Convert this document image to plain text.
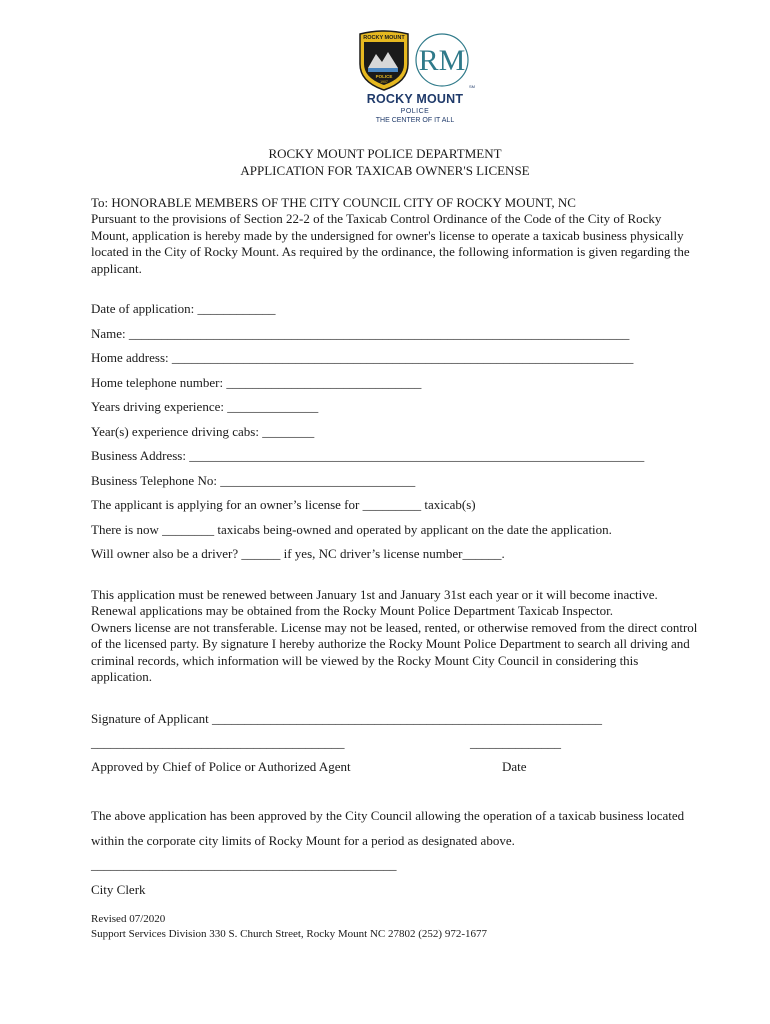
ROCKY MOUNT
POLICE
1907
RM
SM
ROCKY MOUNT
POLICE
THE CENTER OF IT ALL
ROCKY MOUNT POLICE DEPARTMENT
APPLICATION FOR TAXICAB OWNER'S LICENSE
To: HONORABLE MEMBERS OF THE CITY COUNCIL CITY OF ROCKY MOUNT, NC
Pursuant to the provisions of Section 22-2 of the Taxicab Control Ordinance of the Code of the City of Rocky
Mount, application is hereby made by the undersigned for owner's license to operate a taxicab business physically
located in the City of Rocky Mount. As required by the ordinance, the following information is given regarding the
applicant.
Date of application: ____________
Name: _____________________________________________________________________________
Home address: _______________________________________________________________________
Home telephone number: ______________________________
Years driving experience: ______________
Year(s) experience driving cabs: ________
Business Address: ______________________________________________________________________
Business Telephone No: ______________________________
The applicant is applying for an owner’s license for _________ taxicab(s)
There is now ________ taxicabs being-owned and operated by applicant on the date the application.
Will owner also be a driver? ______ if yes, NC driver’s license number______.
This application must be renewed between January 1st and January 31st each year or it will become inactive.
Renewal applications may be obtained from the Rocky Mount Police Department Taxicab Inspector.
Owners license are not transferable. License may not be leased, rented, or otherwise removed from the direct control
of the licensed party. By signature I hereby authorize the Rocky Mount Police Department to search all driving and
criminal records, which information will be viewed by the Rocky Mount City Council in considering this
application.
Signature of Applicant ____________________________________________________________
_______________________________________	______________
Approved by Chief of Police or Authorized Agent	Date
The above application has been approved by the City Council allowing the operation of a taxicab business located
within the corporate city limits of Rocky Mount for a period as designated above.
_______________________________________________
City Clerk
Revised 07/2020
Support Services Division 330 S. Church Street, Rocky Mount NC 27802 (252) 972-1677
